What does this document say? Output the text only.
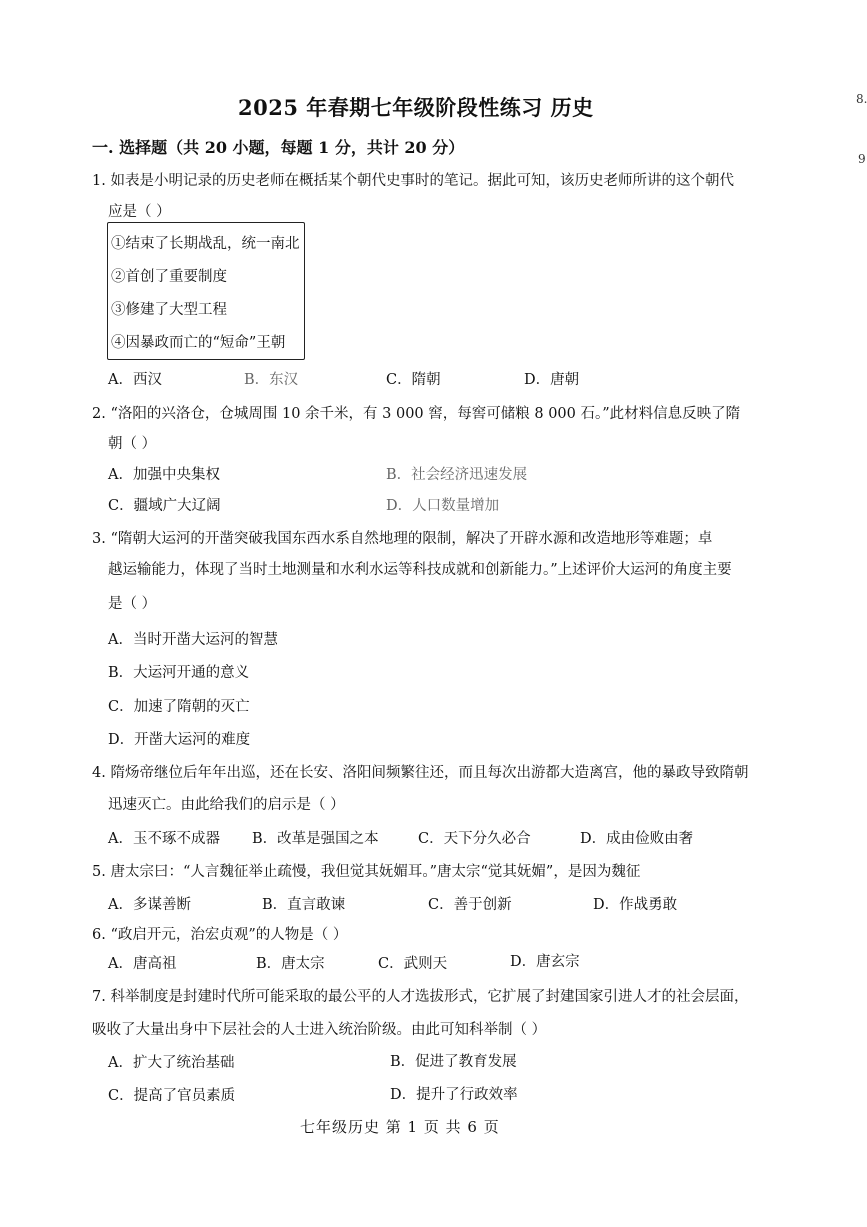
8.
9
2025 年春期七年级阶段性练习 历史
一. 选择题（共 20 小题，每题 1 分，共计 20 分）
1. 如表是小明记录的历史老师在概括某个朝代史事时的笔记。据此可知，该历史老师所讲的这个朝代
应是（ ）
①结束了长期战乱，统一南北
②首创了重要制度
③修建了大型工程
④因暴政而亡的“短命”王朝
A．西汉	B．东汉	C．隋朝	D．唐朝
2. “洛阳的兴洛仓，仓城周围 10 余千米，有 3 000 窖，每窖可储粮 8 000 石。”此材料信息反映了隋
朝（ ）
A．加强中央集权	B．社会经济迅速发展
C．疆域广大辽阔	D．人口数量增加
3. “隋朝大运河的开凿突破我国东西水系自然地理的限制，解决了开辟水源和改造地形等难题；卓
越运输能力，体现了当时土地测量和水利水运等科技成就和创新能力。”上述评价大运河的角度主要
是（ ）
A．当时开凿大运河的智慧
B．大运河开通的意义
C．加速了隋朝的灭亡
D．开凿大运河的难度
4. 隋炀帝继位后年年出巡，还在长安、洛阳间频繁往还，而且每次出游都大造离宫，他的暴政导致隋朝
迅速灭亡。由此给我们的启示是（ ）
A．玉不琢不成器 B．改革是强国之本	C．天下分久必合	D．成由俭败由奢
5. 唐太宗曰：“人言魏征举止疏慢，我但觉其妩媚耳。”唐太宗“觉其妩媚”，是因为魏征
A．多谋善断	B．直言敢谏	C．善于创新	D．作战勇敢
6. “政启开元，治宏贞观”的人物是（ ）
A．唐高祖	B．唐太宗	C．武则天	D．唐玄宗
7. 科举制度是封建时代所可能采取的最公平的人才选拔形式，它扩展了封建国家引进人才的社会层面，
吸收了大量出身中下层社会的人士进入统治阶级。由此可知科举制（ ）
A．扩大了统治基础	B．促进了教育发展
C．提高了官员素质	D．提升了行政效率
七年级历史 第 1 页 共 6 页
